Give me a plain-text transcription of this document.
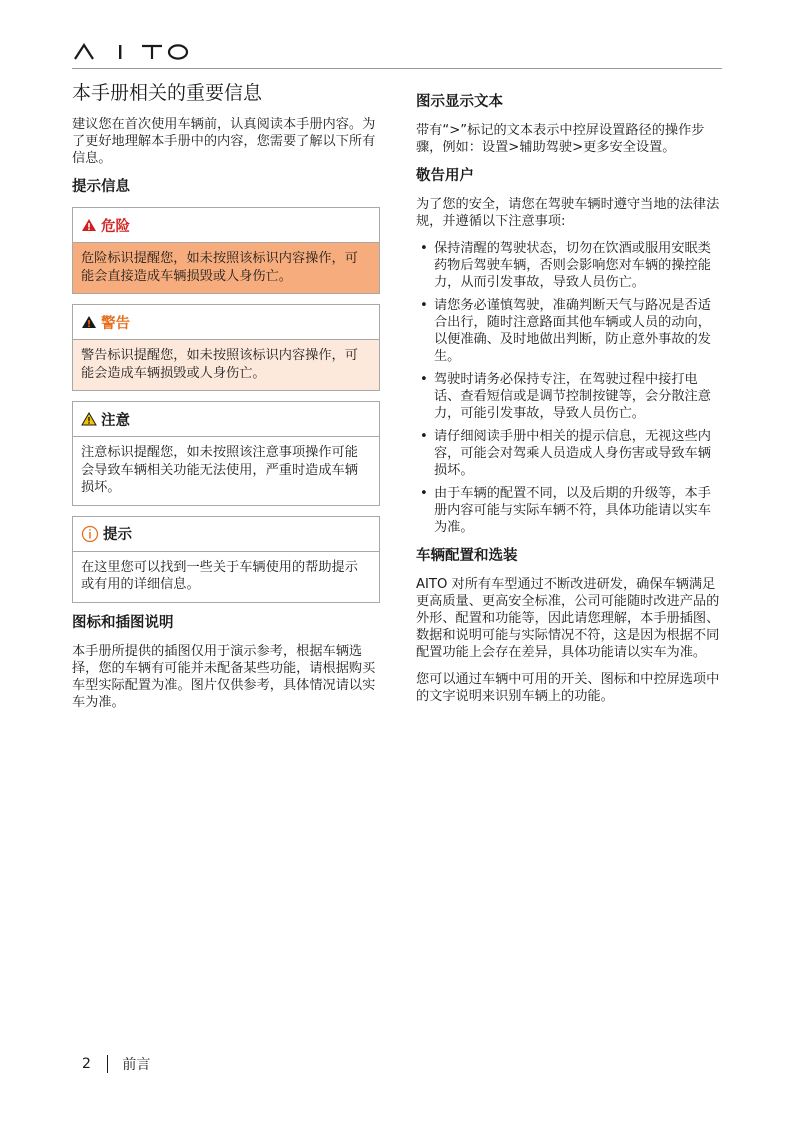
本手册相关的重要信息

建议您在首次使用车辆前，认真阅读本手册内容。为了更好地理解本手册中的内容，您需要了解以下所有信息。

提示信息
危险
危险标识提醒您，如未按照该标识内容操作，可能会直接造成车辆损毁或人身伤亡。
警告
警告标识提醒您，如未按照该标识内容操作，可能会造成车辆损毁或人身伤亡。
注意
注意标识提醒您，如未按照该注意事项操作可能会导致车辆相关功能无法使用，严重时造成车辆损坏。
提示
在这里您可以找到一些关于车辆使用的帮助提示或有用的详细信息。
图标和插图说明

本手册所提供的插图仅用于演示参考，根据车辆选择，您的车辆有可能并未配备某些功能，请根据购买车型实际配置为准。图片仅供参考，具体情况请以实车为准。

图示显示文本

带有“>”标记的文本表示中控屏设置路径的操作步骤，例如：设置>辅助驾驶>更多安全设置。

敬告用户

为了您的安全，请您在驾驶车辆时遵守当地的法律法规，并遵循以下注意事项:

• 保持清醒的驾驶状态，切勿在饮酒或服用安眠类药物后驾驶车辆，否则会影响您对车辆的操控能力，从而引发事故，导致人员伤亡。
• 请您务必谨慎驾驶，准确判断天气与路况是否适合出行，随时注意路面其他车辆或人员的动向，以便准确、及时地做出判断，防止意外事故的发生。
• 驾驶时请务必保持专注，在驾驶过程中接打电话、查看短信或是调节控制按键等，会分散注意力，可能引发事故，导致人员伤亡。
• 请仔细阅读手册中相关的提示信息，无视这些内容，可能会对驾乘人员造成人身伤害或导致车辆损坏。
• 由于车辆的配置不同，以及后期的升级等，本手册内容可能与实际车辆不符，具体功能请以实车为准。
车辆配置和选装

AITO 对所有车型通过不断改进研发，确保车辆满足更高质量、更高安全标准，公司可能随时改进产品的外形、配置和功能等，因此请您理解，本手册插图、数据和说明可能与实际情况不符，这是因为根据不同配置功能上会存在差异，具体功能请以实车为准。

您可以通过车辆中可用的开关、图标和中控屏选项中的文字说明来识别车辆上的功能。

2 前言
